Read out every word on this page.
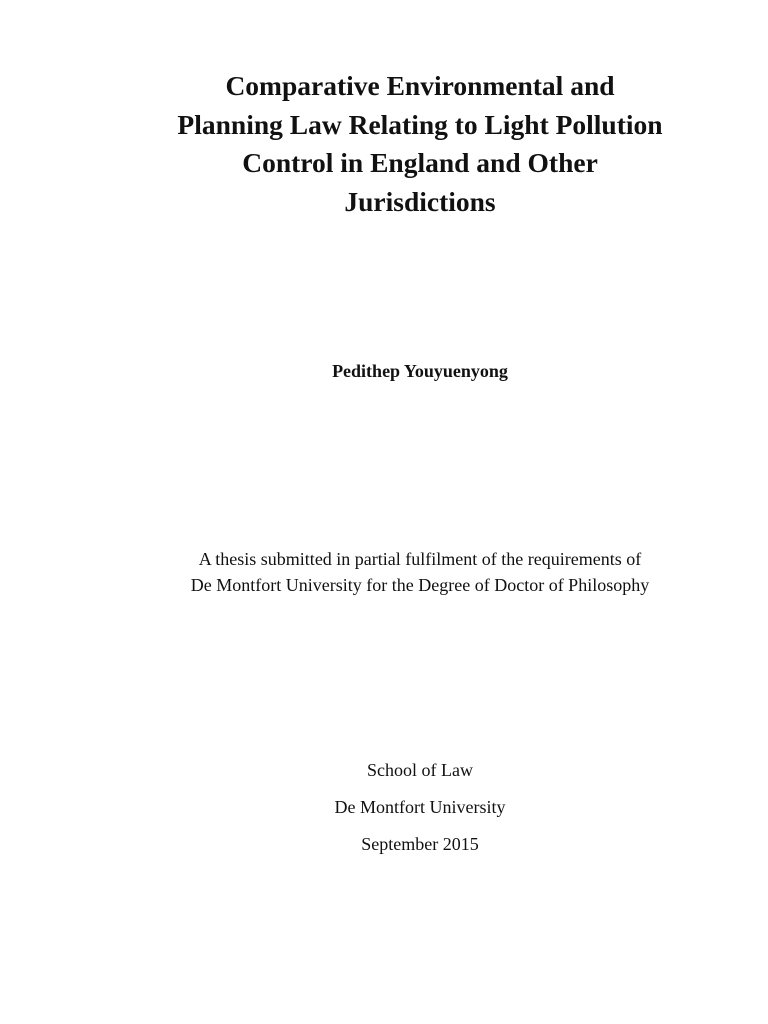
Comparative Environmental and
Planning Law Relating to Light Pollution
Control in England and Other
Jurisdictions
Pedithep Youyuenyong
A thesis submitted in partial fulfilment of the requirements of
De Montfort University for the Degree of Doctor of Philosophy
School of Law
De Montfort University
September 2015
